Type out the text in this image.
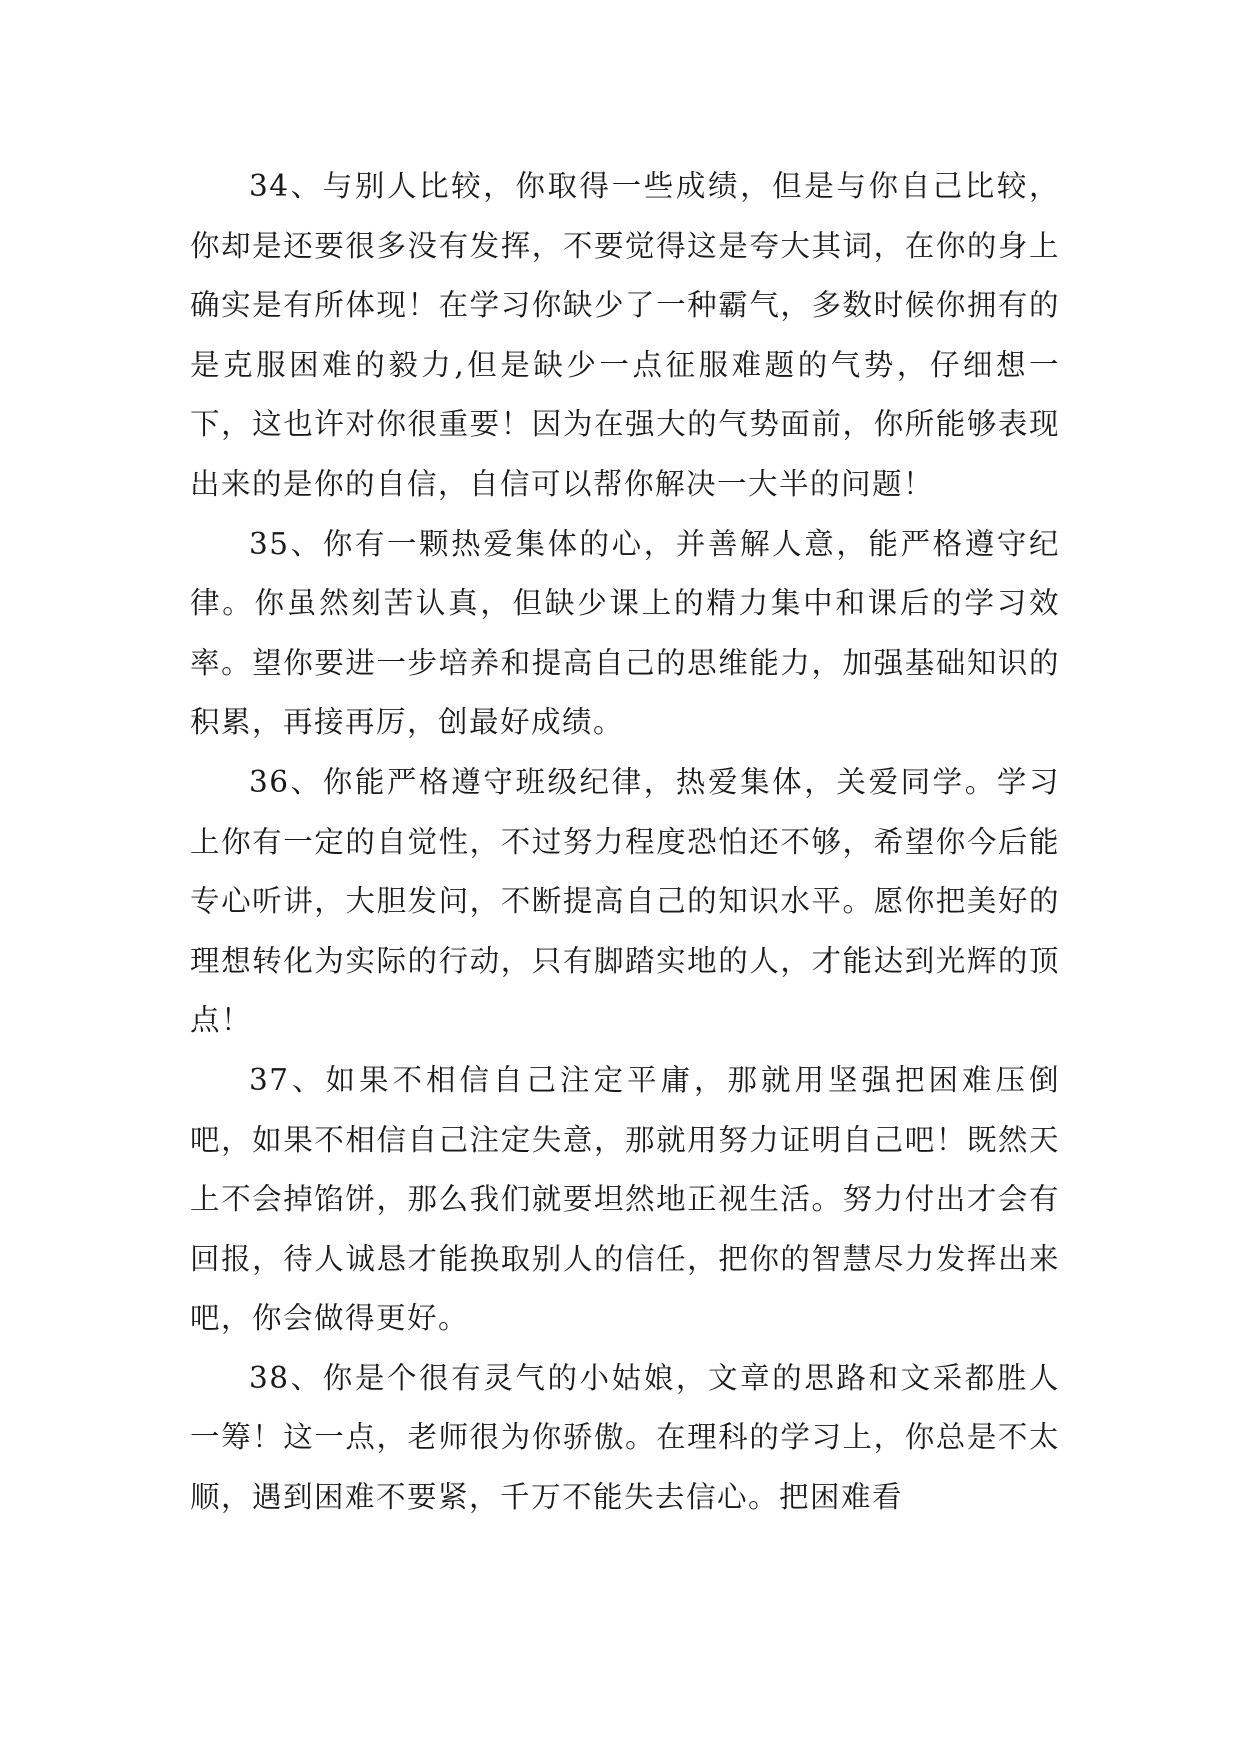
34、与别人比较，你取得一些成绩，但是与你自己比较，你却是还要很多没有发挥，不要觉得这是夸大其词，在你的身上确实是有所体现！在学习你缺少了一种霸气，多数时候你拥有的是克服困难的毅力,但是缺少一点征服难题的气势，仔细想一下，这也许对你很重要！因为在强大的气势面前，你所能够表现出来的是你的自信，自信可以帮你解决一大半的问题！

35、你有一颗热爱集体的心，并善解人意，能严格遵守纪律。你虽然刻苦认真，但缺少课上的精力集中和课后的学习效率。望你要进一步培养和提高自己的思维能力，加强基础知识的积累，再接再厉，创最好成绩。

36、你能严格遵守班级纪律，热爱集体，关爱同学。学习上你有一定的自觉性，不过努力程度恐怕还不够，希望你今后能专心听讲，大胆发问，不断提高自己的知识水平。愿你把美好的理想转化为实际的行动，只有脚踏实地的人，才能达到光辉的顶点！

37、如果不相信自己注定平庸，那就用坚强把困难压倒吧，如果不相信自己注定失意，那就用努力证明自己吧！既然天上不会掉馅饼，那么我们就要坦然地正视生活。努力付出才会有回报，待人诚恳才能换取别人的信任，把你的智慧尽力发挥出来吧，你会做得更好。

38、你是个很有灵气的小姑娘，文章的思路和文采都胜人一筹！这一点，老师很为你骄傲。在理科的学习上，你总是不太顺，遇到困难不要紧，千万不能失去信心。把困难看
